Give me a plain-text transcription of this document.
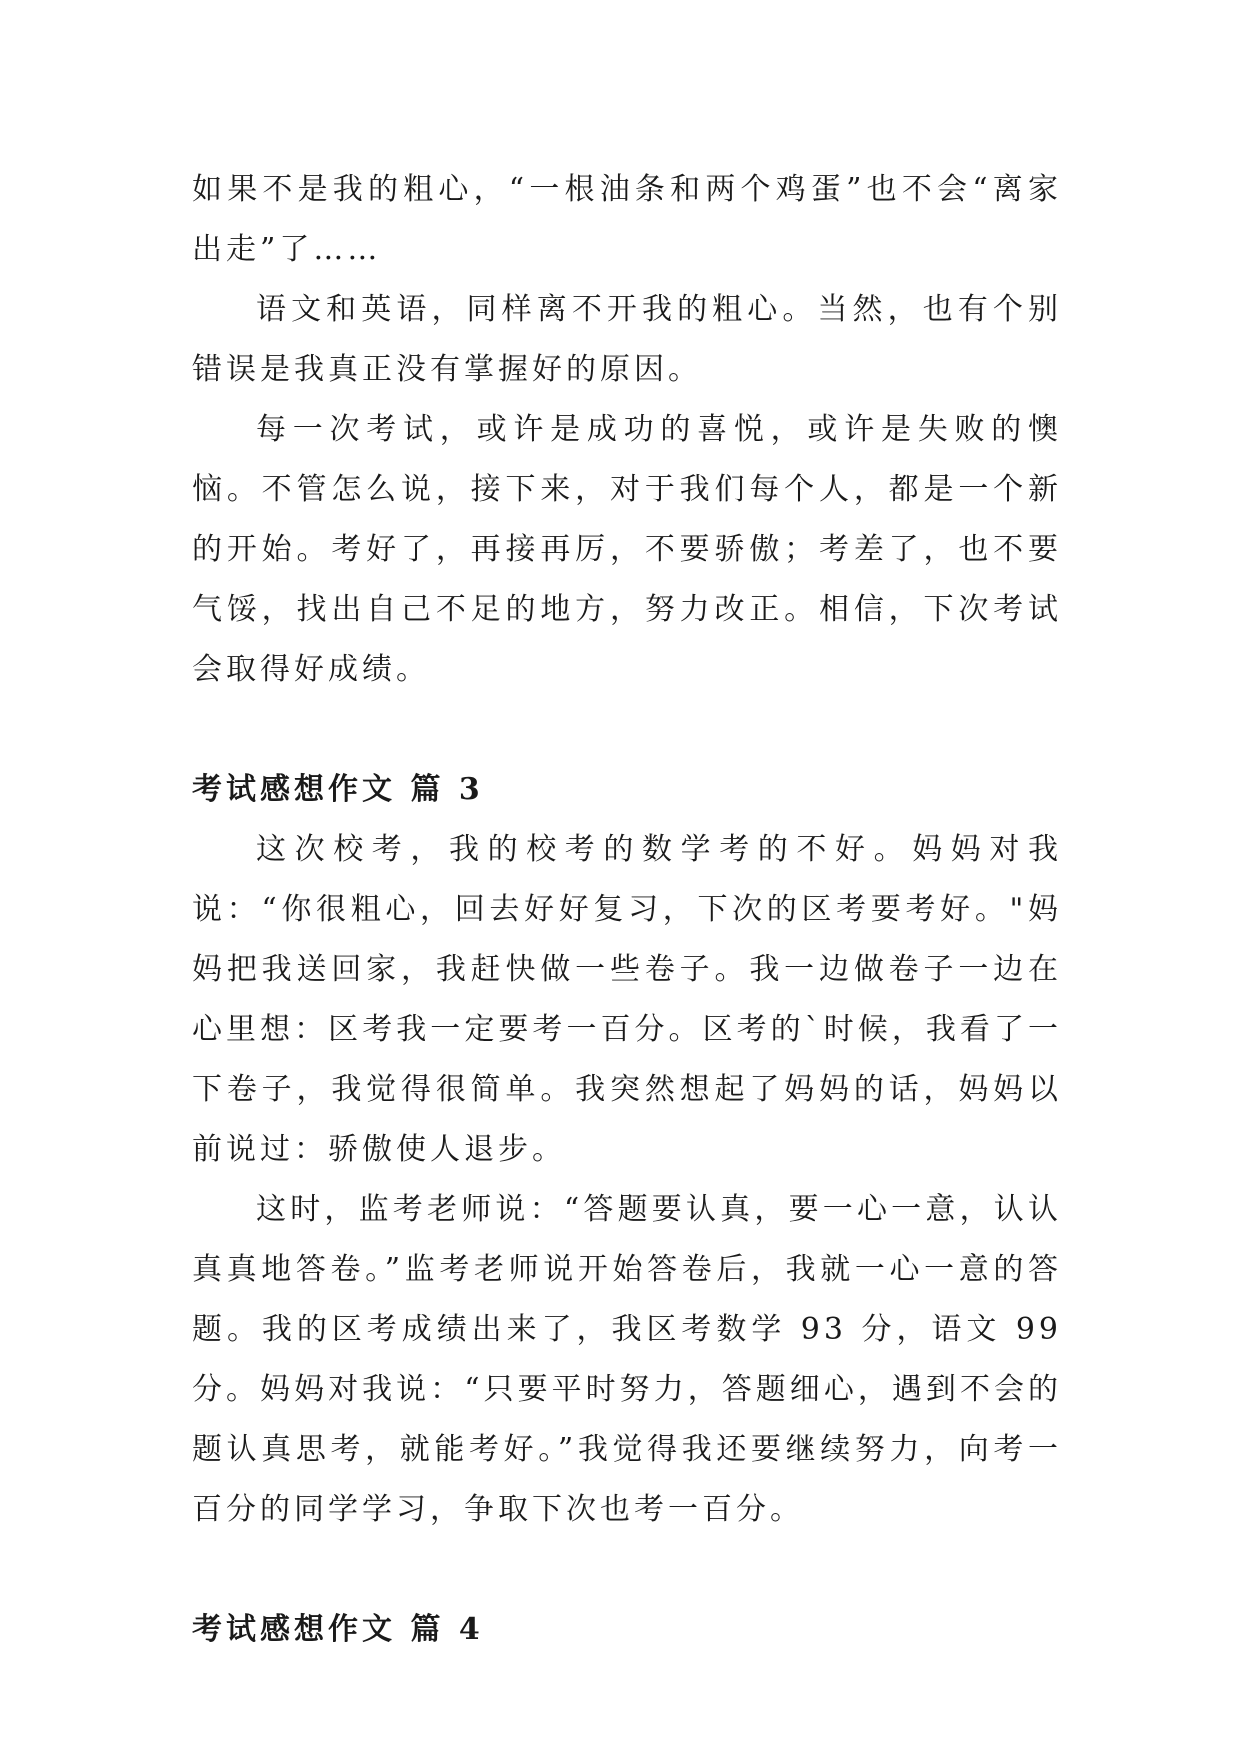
如果不是我的粗心，“一根油条和两个鸡蛋”也不会“离家出走”了……

语文和英语，同样离不开我的粗心。当然，也有个别错误是我真正没有掌握好的原因。

每一次考试，或许是成功的喜悦，或许是失败的懊恼。不管怎么说，接下来，对于我们每个人，都是一个新的开始。考好了，再接再厉，不要骄傲；考差了，也不要气馁，找出自己不足的地方，努力改正。相信，下次考试会取得好成绩。

考试感想作文 篇 3

这次校考，我的校考的数学考的不好。妈妈对我说：“你很粗心，回去好好复习，下次的区考要考好。"妈妈把我送回家，我赶快做一些卷子。我一边做卷子一边在心里想：区考我一定要考一百分。区考的`时候，我看了一下卷子，我觉得很简单。我突然想起了妈妈的话，妈妈以前说过：骄傲使人退步。

这时，监考老师说：“答题要认真，要一心一意，认认真真地答卷。”监考老师说开始答卷后，我就一心一意的答题。我的区考成绩出来了，我区考数学 93 分，语文 99 分。妈妈对我说：“只要平时努力，答题细心，遇到不会的题认真思考，就能考好。”我觉得我还要继续努力，向考一百分的同学学习，争取下次也考一百分。

考试感想作文 篇 4
